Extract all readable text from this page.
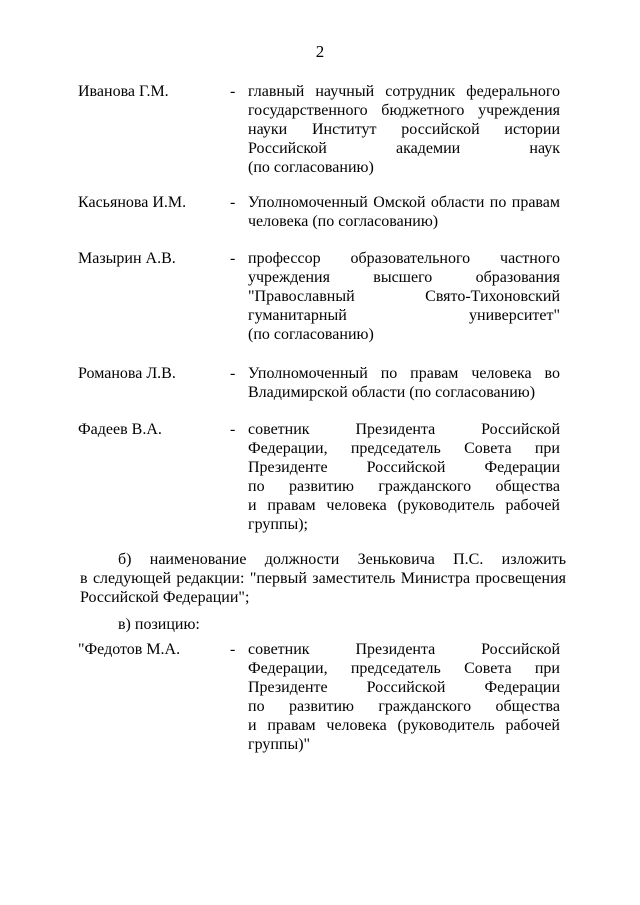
2
Иванова Г.М.	- главный научный сотрудник федерального
государственного бюджетного учреждения
науки Институт российской истории
Российской академии наук
(по согласованию)
Касьянова И.М.	- Уполномоченный Омской области по правам
человека (по согласованию)
Мазырин А.В.	- профессор образовательного частного
учреждения высшего образования
"Православный Свято-Тихоновский
гуманитарный университет"
(по согласованию)
Романова Л.В.	- Уполномоченный по правам человека во
Владимирской области (по согласованию)
Фадеев В.А.	- советник Президента Российской
Федерации, председатель Совета при
Президенте Российской Федерации
по развитию гражданского общества
и правам человека (руководитель рабочей
группы);
б) наименование должности Зеньковича П.С. изложить
в следующей редакции: "первый заместитель Министра просвещения
Российской Федерации";
в) позицию:
"Федотов М.А.	- советник Президента Российской
Федерации, председатель Совета при
Президенте Российской Федерации
по развитию гражданского общества
и правам человека (руководитель рабочей
группы)"
